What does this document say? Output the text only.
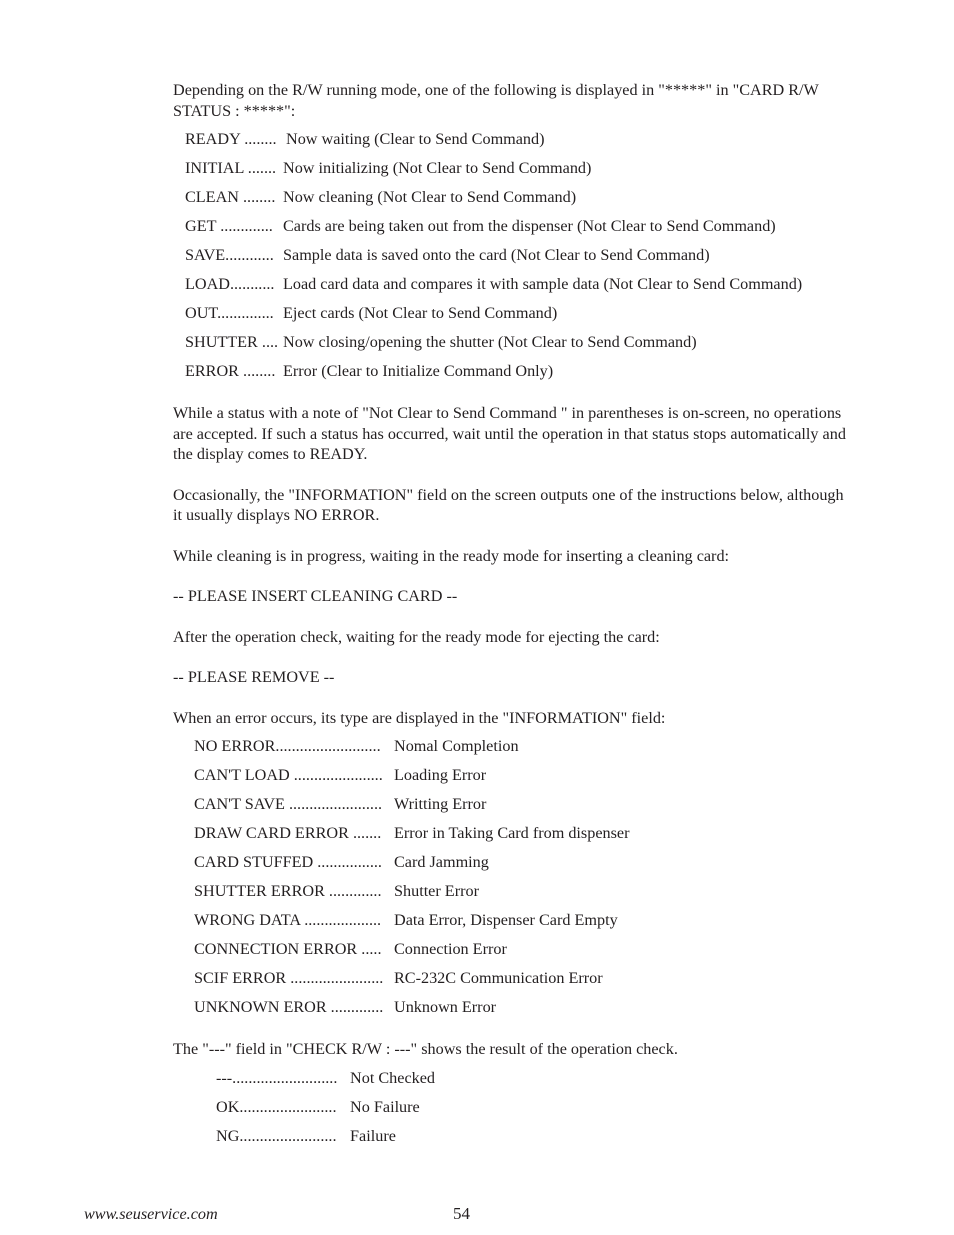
Depending on the R/W running mode, one of the following is displayed in "*****" in "CARD R/W STATUS : *****":

READY ........ Now waiting (Clear to Send Command)
INITIAL ....... Now initializing (Not Clear to Send Command)
CLEAN ........ Now cleaning (Not Clear to Send Command)
GET ............. Cards are being taken out from the dispenser (Not Clear to Send Command)
SAVE............ Sample data is saved onto the card (Not Clear to Send Command)
LOAD........... Load card data and compares it with sample data (Not Clear to Send Command)
OUT.............. Eject cards (Not Clear to Send Command)
SHUTTER .... Now closing/opening the shutter (Not Clear to Send Command)
ERROR ........ Error (Clear to Initialize Command Only)

While a status with a note of "Not Clear to Send Command " in parentheses is on-screen, no operations are accepted. If such a status has occurred, wait until the operation in that status stops automatically and the display comes to READY.

Occasionally, the "INFORMATION" field on the screen outputs one of the instructions below, although it usually displays NO ERROR.

While cleaning is in progress, waiting in the ready mode for inserting a cleaning card:

-- PLEASE INSERT CLEANING CARD --

After the operation check, waiting for the ready mode for ejecting the card:

-- PLEASE REMOVE --

When an error occurs, its type are displayed in the "INFORMATION" field:

NO ERROR.......................... Nomal Completion
CAN'T LOAD ...................... Loading Error
CAN'T SAVE ....................... Writting Error
DRAW CARD ERROR ....... Error in Taking Card from dispenser
CARD STUFFED ................ Card Jamming
SHUTTER ERROR ............. Shutter Error
WRONG DATA ................... Data Error, Dispenser Card Empty
CONNECTION ERROR ..... Connection Error
SCIF ERROR ....................... RC-232C Communication Error
UNKNOWN EROR ............. Unknown Error

The "---" field in "CHECK R/W : ---" shows the result of the operation check.

---.......................... Not Checked
OK........................ No Failure
NG........................ Failure
www.seuservice.com	54
